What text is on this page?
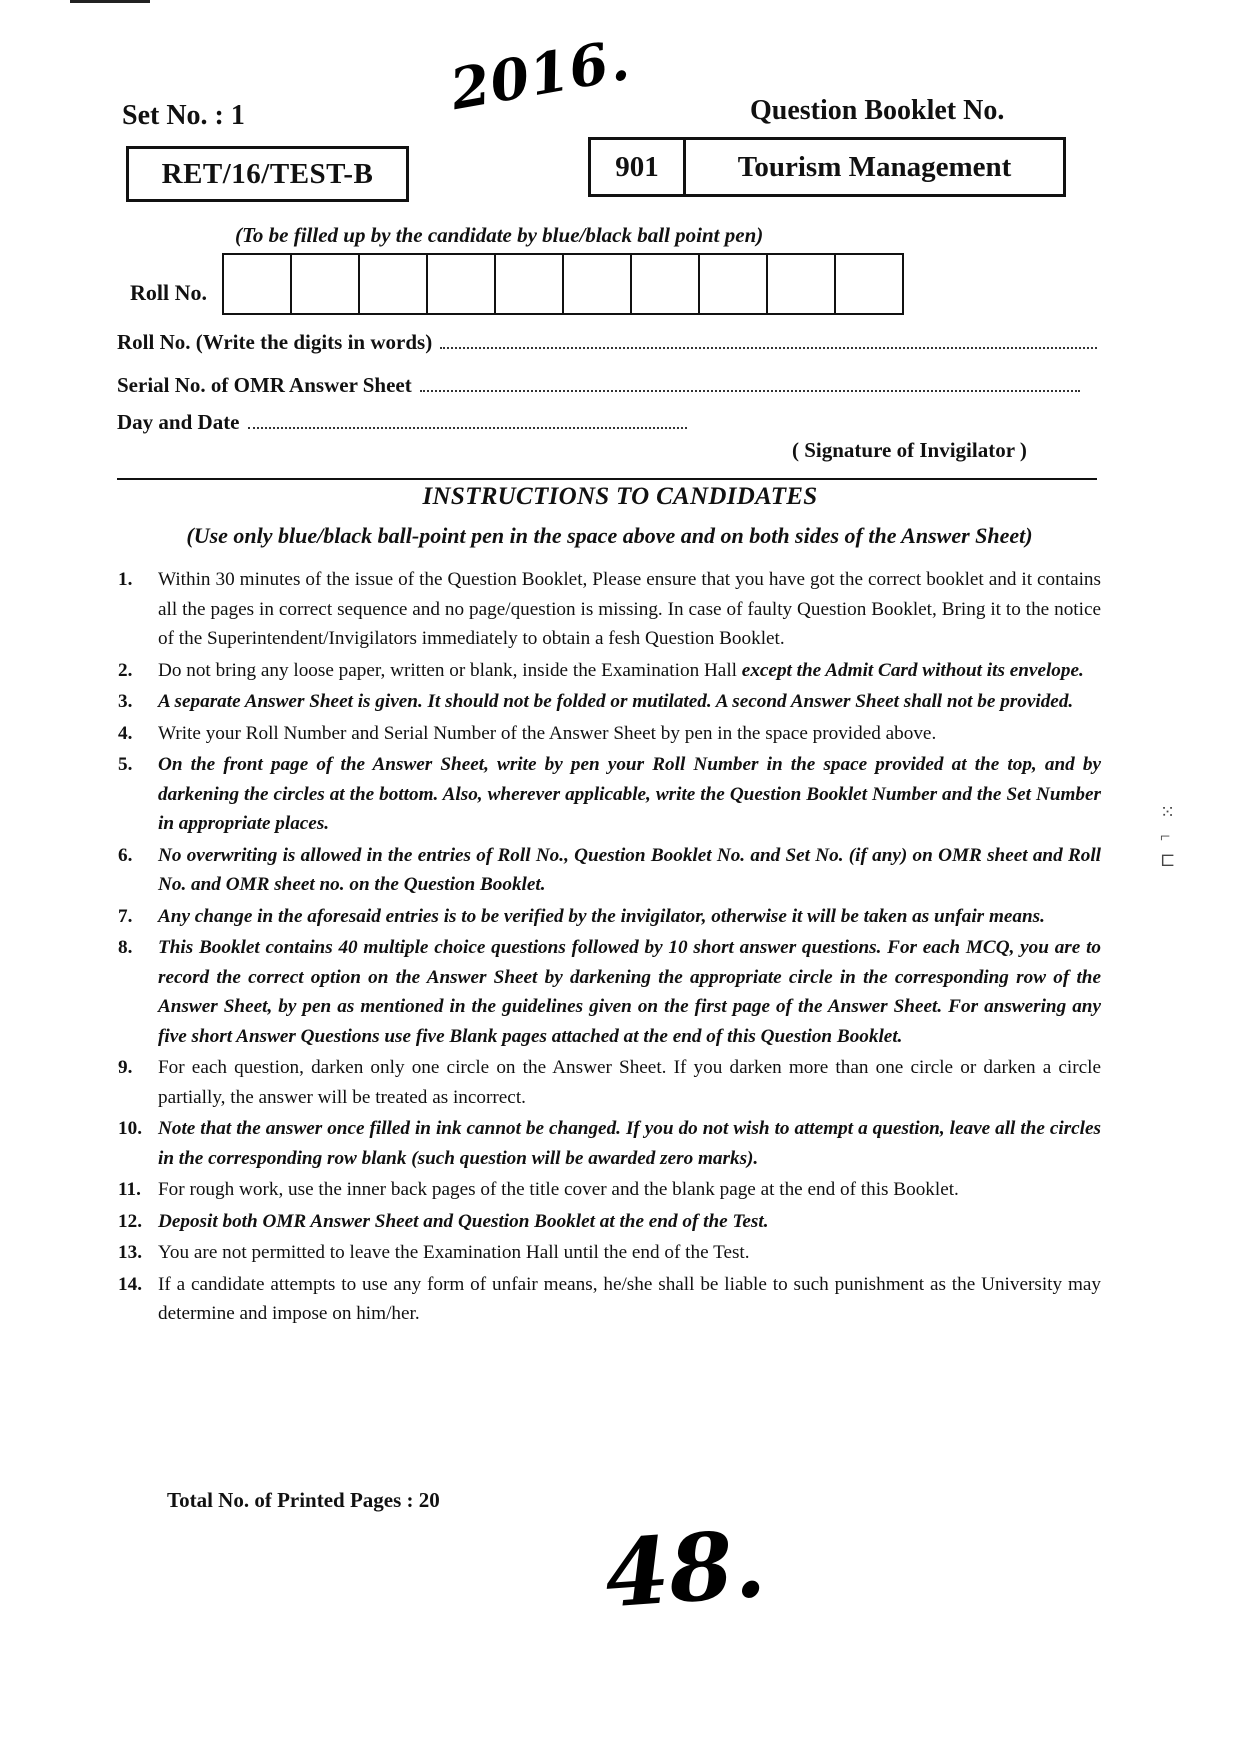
2016.
Set No. : 1	Question Booklet No.
RET/16/TEST-B	901	Tourism Management
(To be filled up by the candidate by blue/black ball point pen)
Roll No.
Roll No. (Write the digits in words)
Serial No. of OMR Answer Sheet
Day and Date
( Signature of Invigilator )
INSTRUCTIONS TO CANDIDATES
(Use only blue/black ball-point pen in the space above and on both sides of the Answer Sheet)
1.	Within 30 minutes of the issue of the Question Booklet, Please ensure that you have got the correct booklet and it contains all the pages in correct sequence and no page/question is missing. In case of faulty Question Booklet, Bring it to the notice of the Superintendent/Invigilators immediately to obtain a fesh Question Booklet.
2.	Do not bring any loose paper, written or blank, inside the Examination Hall except the Admit Card without its envelope.
3.	A separate Answer Sheet is given. It should not be folded or mutilated. A second Answer Sheet shall not be provided.
4.	Write your Roll Number and Serial Number of the Answer Sheet by pen in the space provided above.
5.	On the front page of the Answer Sheet, write by pen your Roll Number in the space provided at the top, and by darkening the circles at the bottom. Also, wherever applicable, write the Question Booklet Number and the Set Number in appropriate places.
6.	No overwriting is allowed in the entries of Roll No., Question Booklet No. and Set No. (if any) on OMR sheet and Roll No. and OMR sheet no. on the Question Booklet.
7.	Any change in the aforesaid entries is to be verified by the invigilator, otherwise it will be taken as unfair means.
8.	This Booklet contains 40 multiple choice questions followed by 10 short answer questions. For each MCQ, you are to record the correct option on the Answer Sheet by darkening the appropriate circle in the corresponding row of the Answer Sheet, by pen as mentioned in the guidelines given on the first page of the Answer Sheet. For answering any five short Answer Questions use five Blank pages attached at the end of this Question Booklet.
9.	For each question, darken only one circle on the Answer Sheet. If you darken more than one circle or darken a circle partially, the answer will be treated as incorrect.
10. Note that the answer once filled in ink cannot be changed. If you do not wish to attempt a question, leave all the circles in the corresponding row blank (such question will be awarded zero marks).
11. For rough work, use the inner back pages of the title cover and the blank page at the end of this Booklet.
12. Deposit both OMR Answer Sheet and Question Booklet at the end of the Test.
13. You are not permitted to leave the Examination Hall until the end of the Test.
14. If a candidate attempts to use any form of unfair means, he/she shall be liable to such punishment as the University may determine and impose on him/her.
Total No. of Printed Pages : 20
48.
⁙
⌐
⊏
